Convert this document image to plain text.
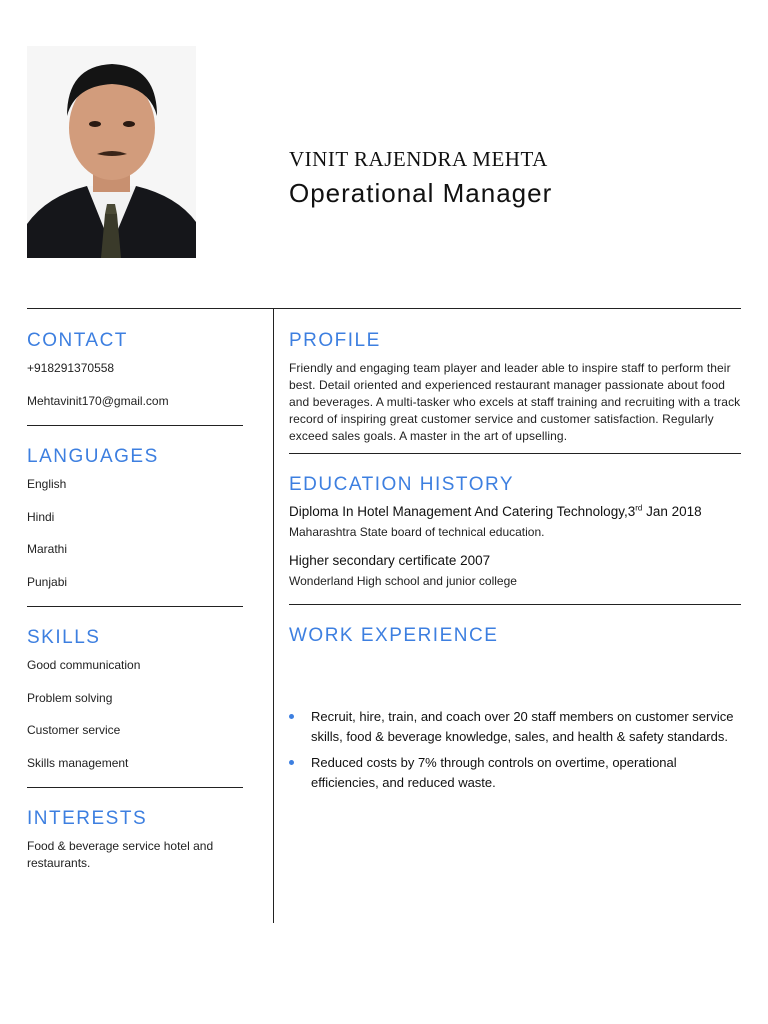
VINIT RAJENDRA MEHTA
Operational Manager
CONTACT
+918291370558
Mehtavinit170@gmail.com
LANGUAGES
English
Hindi
Marathi
Punjabi
SKILLS
Good communication
Problem solving
Customer service
Skills management
INTERESTS
Food & beverage service hotel and restaurants.
PROFILE

Friendly and engaging team player and leader able to inspire staff to perform their best. Detail oriented and experienced restaurant manager passionate about food and beverages. A multi-tasker who excels at staff training and recruiting with a track record of inspiring great customer service and customer satisfaction. Regularly exceed sales goals. A master in the art of upselling.

EDUCATION HISTORY
Diploma In Hotel Management And Catering Technology,3rd Jan 2018
Maharashtra State board of technical education.
Higher secondary certificate 2007
Wonderland High school and junior college
WORK EXPERIENCE
Recruit, hire, train, and coach over 20 staff members on customer service skills, food & beverage knowledge, sales, and health & safety standards.
Reduced costs by 7% through controls on overtime, operational efficiencies, and reduced waste.
